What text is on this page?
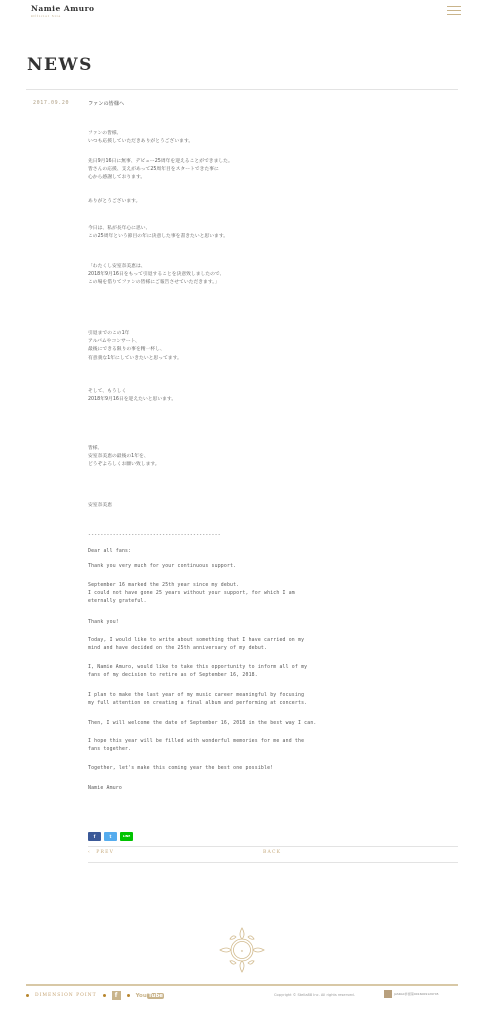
Namie Amuro
Official Site
NEWS
2017.09.20	ファンの皆様へ
ファンの皆様、
いつも応援していただきありがとうございます。
先日9月16日に無事、デビュー25周年を迎えることができました。
皆さんの応援、支えがあって25周年目をスタートできた事に
心から感謝しております。
ありがとうございます。
今日は、私が長年心に思い、
この25周年という節目の年に決意した事を書きたいと思います。
「わたくし安室奈美恵は、
2018年9月16日をもって引退することを決意致しましたので、
この場を借りてファンの皆様にご報告させていただきます。」
引退までのこの1年
アルバムやコンサート、
最後にできる限りの事を精一杯し、
有意義な1年にしていきたいと思ってます。
そして、もうしく
2018年9月16日を迎えたいと思います。
皆様、
安室奈美恵の最後の1年を、
どうぞよろしくお願い致します。
安室奈美恵
-------------------------------------------
Dear all fans:
Thank you very much for your continuous support.
September 16 marked the 25th year since my debut.
I could not have gone 25 years without your support, for which I am
eternally grateful.
Thank you!
Today, I would like to write about something that I have carried on my
mind and have decided on the 25th anniversary of my debut.
I, Namie Amuro, would like to take this opportunity to inform all of my
fans of my decision to retire as of September 16, 2018.
I plan to make the last year of my music career meaningful by focusing
my full attention on creating a final album and performing at concerts.
Then, I will welcome the date of September 16, 2018 in the best way I can.
I hope this year will be filled with wonderful memories for me and the
fans together.
Together, let's make this coming year the best one possible!
Namie Amuro
f	t	LINE
‹  PREV	BACK
★
DIMENSION POINT	f	You Tube	Copyright © Stella88 Inc. All rights reserved.	JASRAC許諾第9016009129Y45
